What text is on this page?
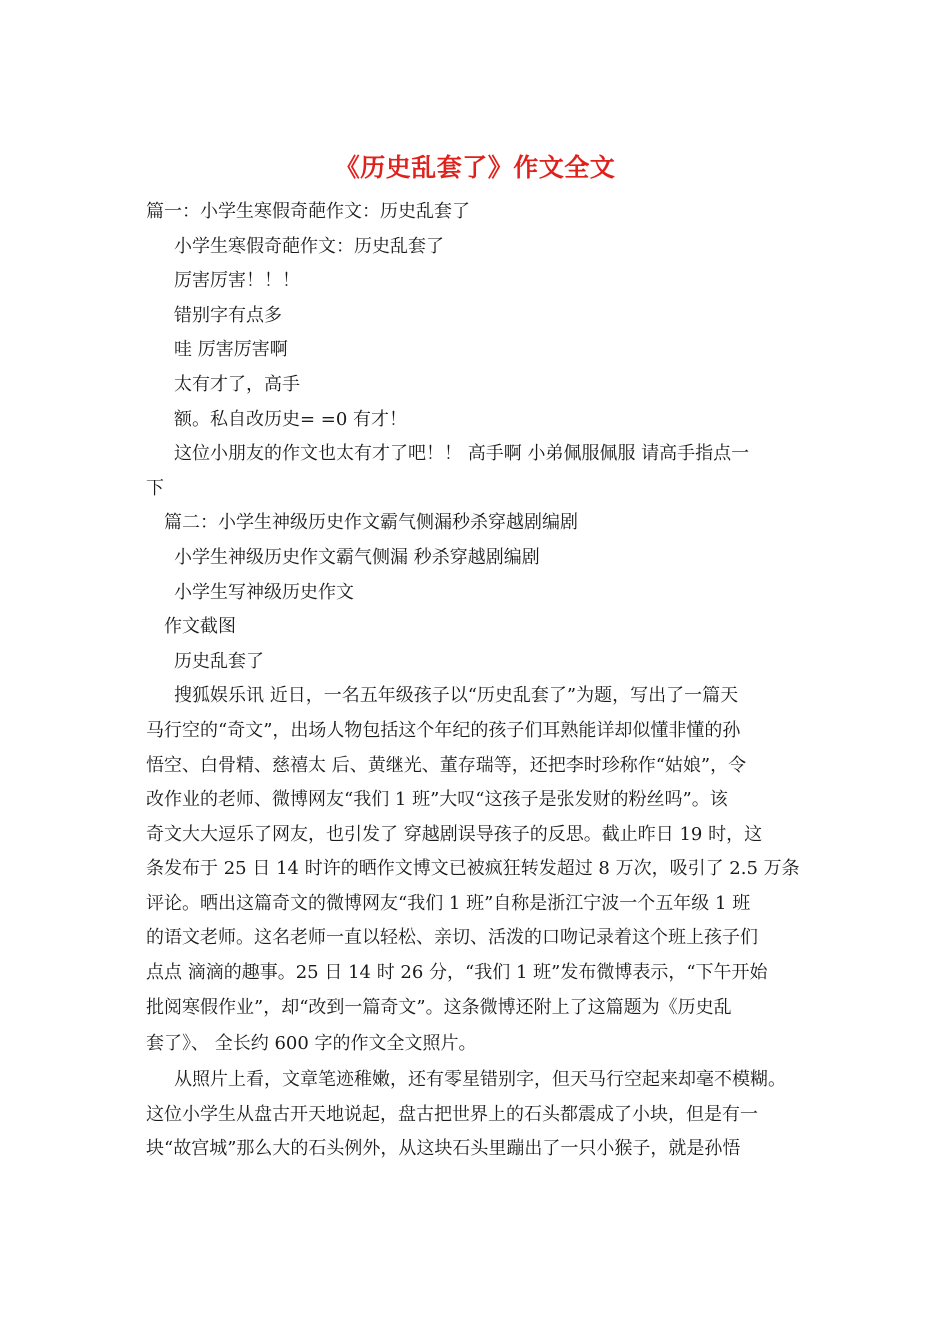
《历史乱套了》作文全文
篇一：小学生寒假奇葩作文：历史乱套了
小学生寒假奇葩作文：历史乱套了
厉害厉害！！！
错别字有点多
哇 厉害厉害啊
太有才了，高手
额。私自改历史= =0 有才！
这位小朋友的作文也太有才了吧！！ 高手啊 小弟佩服佩服 请高手指点一
下
篇二：小学生神级历史作文霸气侧漏秒杀穿越剧编剧
小学生神级历史作文霸气侧漏 秒杀穿越剧编剧
小学生写神级历史作文
作文截图
历史乱套了
搜狐娱乐讯 近日，一名五年级孩子以“历史乱套了”为题，写出了一篇天
马行空的“奇文”，出场人物包括这个年纪的孩子们耳熟能详却似懂非懂的孙
悟空、白骨精、慈禧太 后、黄继光、董存瑞等，还把李时珍称作“姑娘”，令
改作业的老师、微博网友“我们 1 班”大叹“这孩子是张发财的粉丝吗”。该
奇文大大逗乐了网友，也引发了 穿越剧误导孩子的反思。截止昨日 19 时，这
条发布于 25 日 14 时许的晒作文博文已被疯狂转发超过 8 万次，吸引了 2.5 万条
评论。晒出这篇奇文的微博网友“我们 1 班”自称是浙江宁波一个五年级 1 班
的语文老师。这名老师一直以轻松、亲切、活泼的口吻记录着这个班上孩子们
点点 滴滴的趣事。25 日 14 时 26 分，“我们 1 班”发布微博表示，“下午开始
批阅寒假作业”，却“改到一篇奇文”。这条微博还附上了这篇题为《历史乱
套了》、 全长约 600 字的作文全文照片。
从照片上看，文章笔迹稚嫩，还有零星错别字，但天马行空起来却毫不模糊。
这位小学生从盘古开天地说起，盘古把世界上的石头都震成了小块，但是有一
块“故宫城”那么大的石头例外，从这块石头里蹦出了一只小猴子，就是孙悟
